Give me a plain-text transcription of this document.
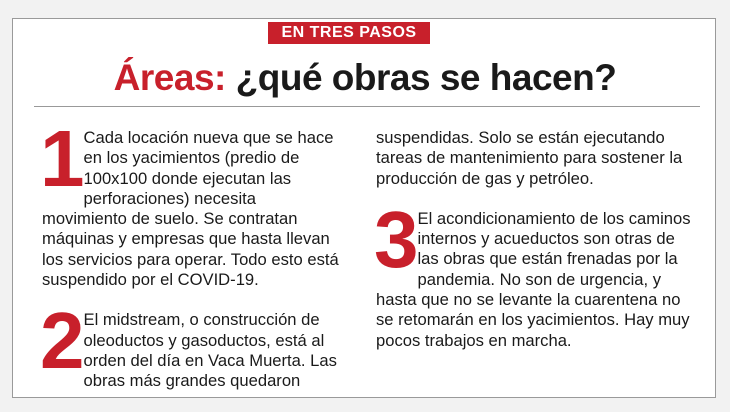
EN TRES PASOS
Áreas: ¿qué obras se hacen?
1 Cada locación nueva que se hace en los yacimientos (predio de 100x100 donde ejecutan las perforaciones) necesita movimiento de suelo. Se contratan máquinas y empresas que hasta llevan los servicios para operar. Todo esto está suspendido por el COVID-19.

2 El midstream, o construcción de oleoductos y gasoductos, está al orden del día en Vaca Muerta. Las obras más grandes quedaron

suspendidas. Solo se están ejecutando tareas de mantenimiento para sostener la producción de gas y petróleo.

3 El acondicionamiento de los caminos internos y acueductos son otras de las obras que están frenadas por la pandemia. No son de urgencia, y hasta que no se levante la cuarentena no se retomarán en los yacimientos. Hay muy pocos trabajos en marcha.
